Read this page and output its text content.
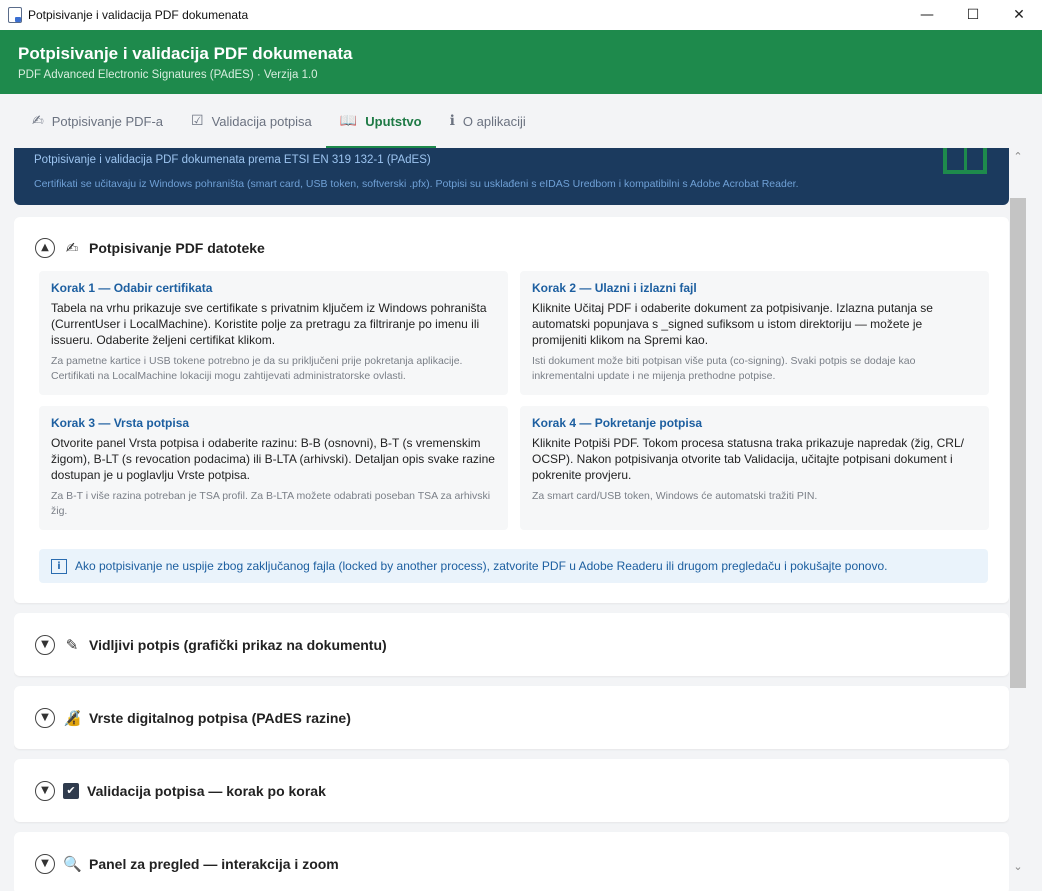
Potpisivanje i validacija PDF dokumenata	—	☐	✕
Potpisivanje i validacija PDF dokumenata
PDF Advanced Electronic Signatures (PAdES) · Verzija 1.0
✍ Potpisivanje PDF-a ☑ Validacija potpisa 📖 Uputstvo ℹ O aplikaciji
Potpisivanje i validacija PDF dokumenata prema ETSI EN 319 132-1 (PAdES)
Certifikati se učitavaju iz Windows pohraništa (smart card, USB token, softverski .pfx). Potpisi su usklađeni s eIDAS Uredbom i kompatibilni s Adobe Acrobat Reader.
▲	✍ Potpisivanje PDF datoteke
Korak 1 — Odabir certifikata
Tabela na vrhu prikazuje sve certifikate s privatnim ključem iz Windows pohraništa (CurrentUser i LocalMachine). Koristite polje za pretragu za filtriranje po imenu ili issueru. Odaberite željeni certifikat klikom.
Za pametne kartice i USB tokene potrebno je da su priključeni prije pokretanja aplikacije. Certifikati na LocalMachine lokaciji mogu zahtijevati administratorske ovlasti.
Korak 2 — Ulazni i izlazni fajl
Kliknite Učitaj PDF i odaberite dokument za potpisivanje. Izlazna putanja se automatski popunjava s _signed sufiksom u istom direktoriju — možete je promijeniti klikom na Spremi kao.
Isti dokument može biti potpisan više puta (co-signing). Svaki potpis se dodaje kao inkrementalni update i ne mijenja prethodne potpise.
Korak 3 — Vrsta potpisa
Otvorite panel Vrsta potpisa i odaberite razinu: B-B (osnovni), B-T (s vremenskim žigom), B-LT (s revocation podacima) ili B-LTA (arhivski). Detaljan opis svake razine dostupan je u poglavlju Vrste potpisa.
Za B-T i više razina potreban je TSA profil. Za B-LTA možete odabrati poseban TSA za arhivski žig.
Korak 4 — Pokretanje potpisa
Kliknite Potpiši PDF. Tokom procesa statusna traka prikazuje napredak (žig, CRL/ OCSP). Nakon potpisivanja otvorite tab Validacija, učitajte potpisani dokument i pokrenite provjeru.
Za smart card/USB token, Windows će automatski tražiti PIN.
i	Ako potpisivanje ne uspije zbog zaključanog fajla (locked by another process), zatvorite PDF u Adobe Readeru ili drugom pregledaču i pokušajte ponovo.
▼	✎ Vidljivi potpis (grafički prikaz na dokumentu)
▼ 🔏 Vrste digitalnog potpisa (PAdES razine)
▼	✔ Validacija potpisa — korak po korak
▼ 🔍 Panel za pregled — interakcija i zoom
⌃
⌄
